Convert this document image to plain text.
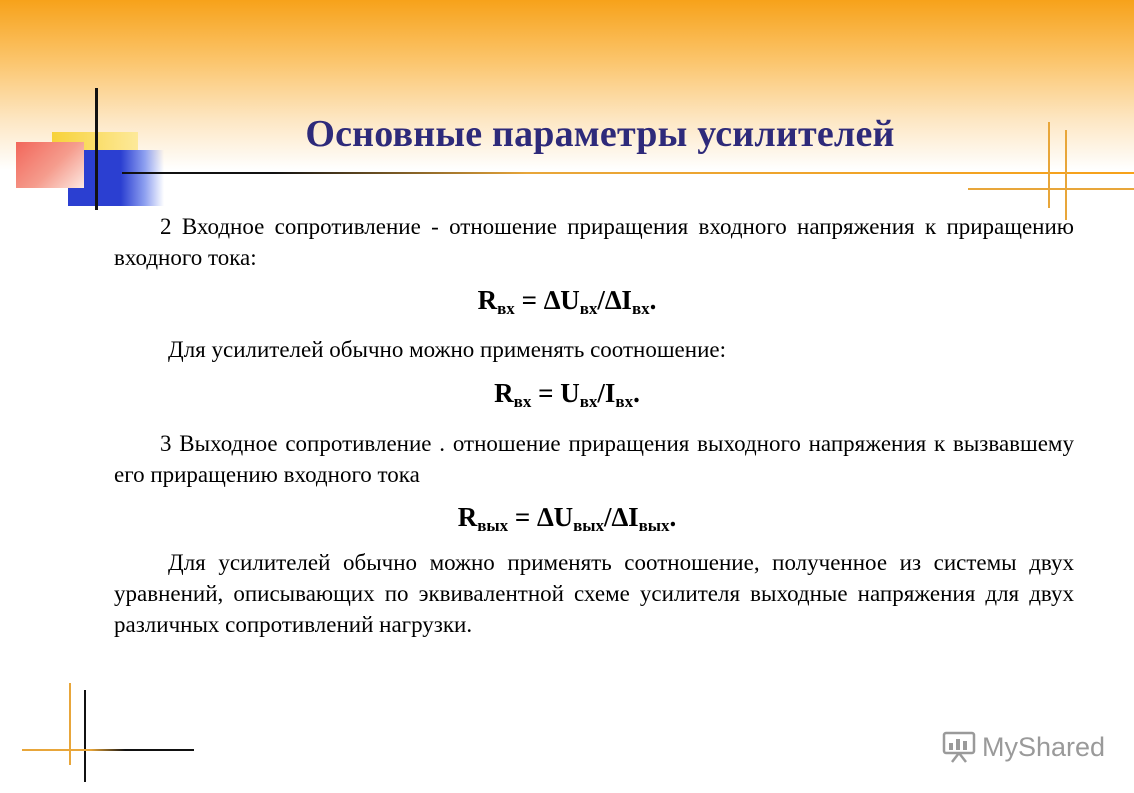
Основные параметры усилителей
2 Входное сопротивление - отношение приращения входного напряжения к приращению входного тока:
$R_{вх} = \Delta U_{вх}/\Delta I_{вх}$.
Для усилителей обычно можно применять соотношение:
$R_{вх} = U_{вх}/I_{вх}$.
3 Выходное сопротивление . отношение приращения выходного напряжения к вызвавшему его приращению входного тока
$R_{вых} = \Delta U_{вых}/\Delta I_{вых}$.
Для усилителей обычно можно применять соотношение, полученное из системы двух уравнений, описывающих по эквивалентной схеме усилителя выходные напряжения для двух различных сопротивлений нагрузки.
MyShared
